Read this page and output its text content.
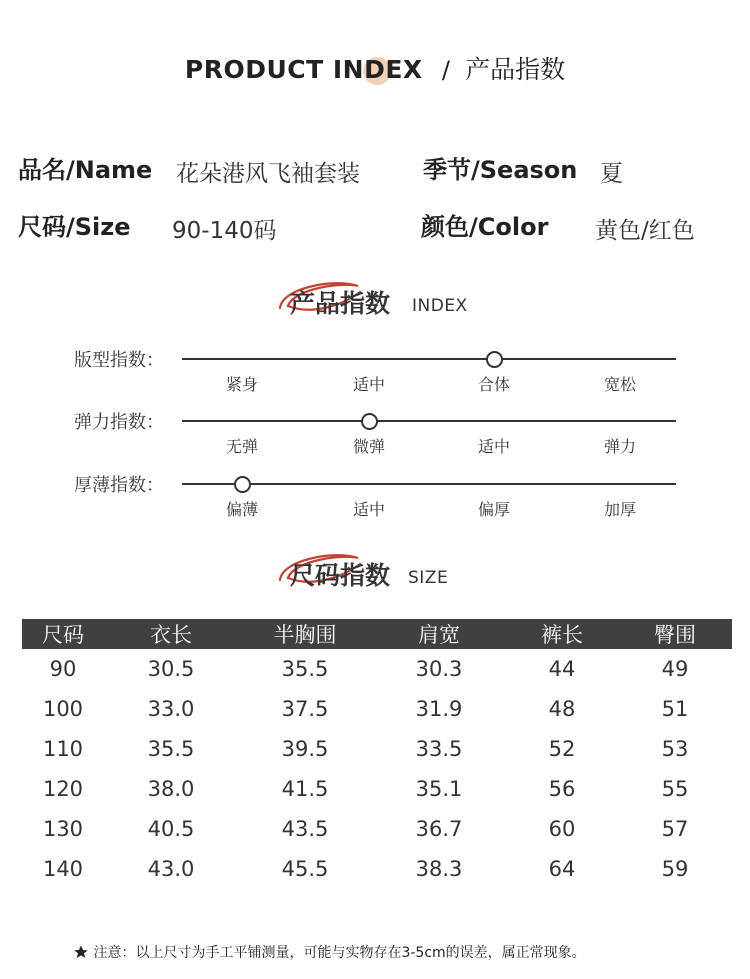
PRODUCT INDEX / 产品指数
品名/Name 花朵港风飞袖套装	季节/Season 夏
尺码/Size 90-140码	颜色/Color 黄色/红色
产品指数 INDEX
版型指数：
紧身	适中	合体	宽松
弹力指数：
无弹	微弹	适中	弹力
厚薄指数：
偏薄	适中	偏厚	加厚
尺码指数 SIZE
尺码	衣长	半胸围	肩宽	裤长	臀围
90	30.5	35.5	30.3	44	49
100	33.0	37.5	31.9	48	51
110	35.5	39.5	33.5	52	53
120	38.0	41.5	35.1	56	55
130	40.5	43.5	36.7	60	57
140	43.0	45.5	38.3	64	59
注意：以上尺寸为手工平铺测量，可能与实物存在3-5cm的误差，属正常现象。
